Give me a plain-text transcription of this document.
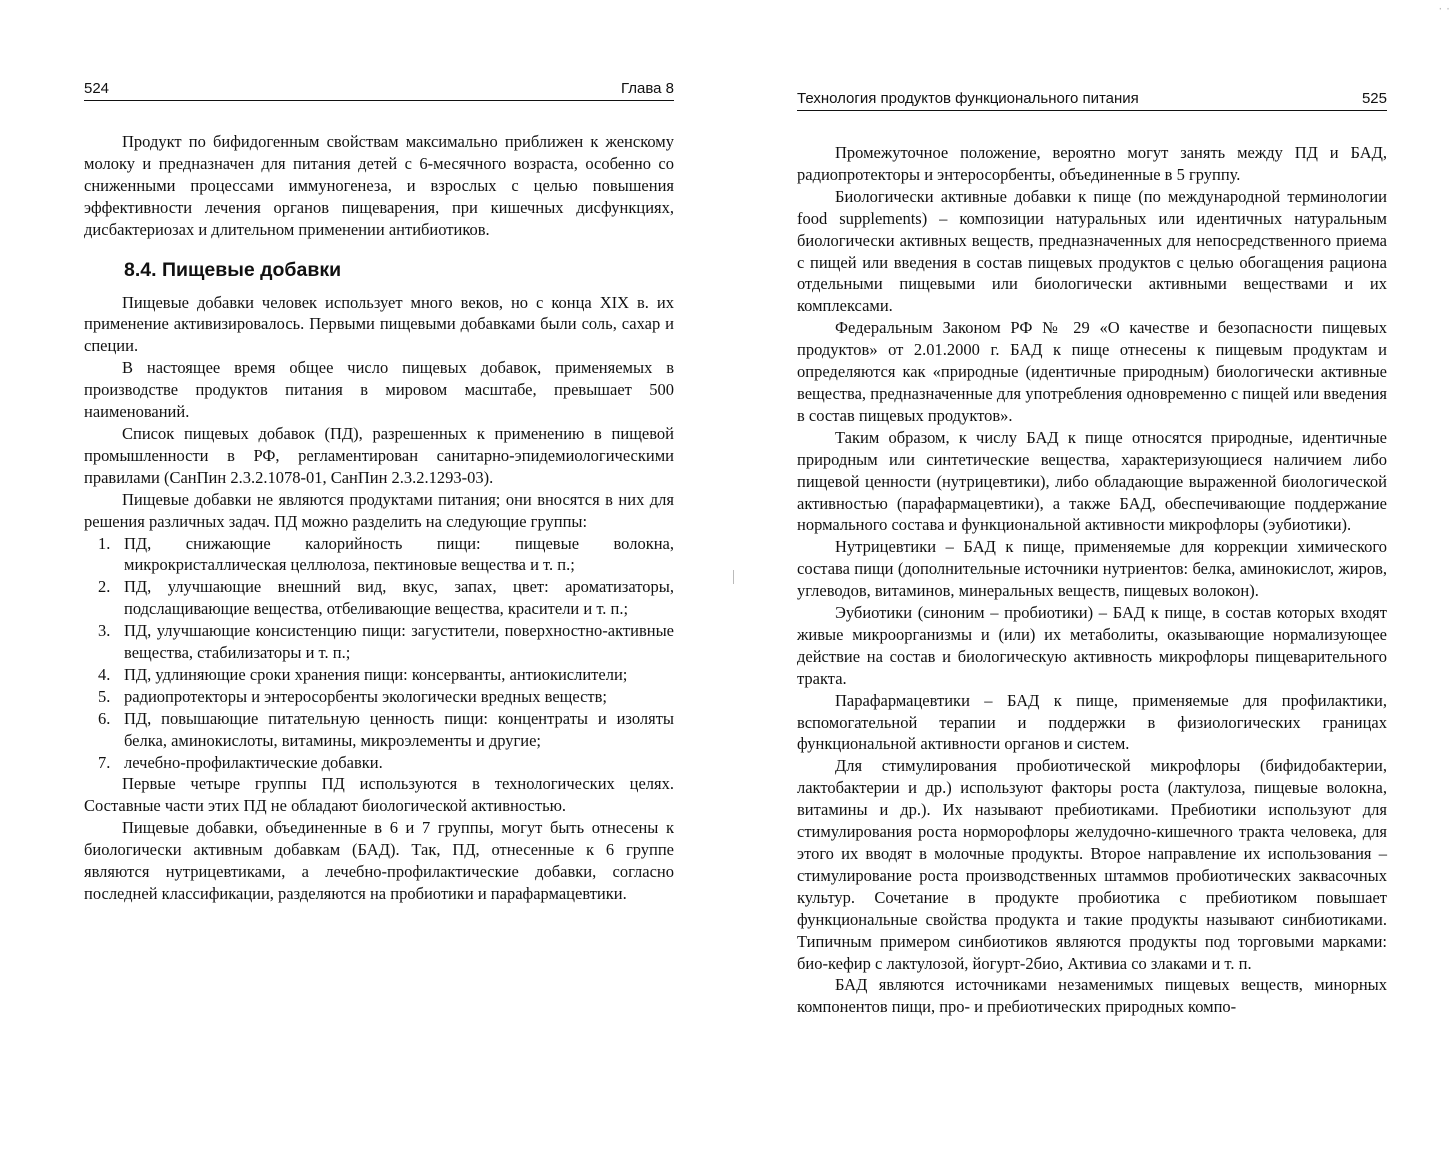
524	Глава 8

Продукт по бифидогенным свойствам максимально приближен к женскому молоку и предназначен для питания детей с 6-месячного возраста, особенно со сниженными процессами иммуногенеза, и взрослых с целью повышения эффективности лечения органов пищеварения, при кишечных дисфункциях, дисбактериозах и длительном применении антибиотиков.

8.4. Пищевые добавки

Пищевые добавки человек использует много веков, но с конца XIX в. их применение активизировалось. Первыми пищевыми добавками были соль, сахар и специи.

В настоящее время общее число пищевых добавок, применяемых в производстве продуктов питания в мировом масштабе, превышает 500 наименований.

Список пищевых добавок (ПД), разрешенных к применению в пищевой промышленности в РФ, регламентирован санитарно-эпидемиологическими правилами (СанПин 2.3.2.1078-01, СанПин 2.3.2.1293-03).

Пищевые добавки не являются продуктами питания; они вносятся в них для решения различных задач. ПД можно разделить на следующие группы:

1. ПД, снижающие калорийность пищи: пищевые волокна, микрокристаллическая целлюлоза, пектиновые вещества и т. п.;
2. ПД, улучшающие внешний вид, вкус, запах, цвет: ароматизаторы, подслащивающие вещества, отбеливающие вещества, красители и т. п.;
3. ПД, улучшающие консистенцию пищи: загустители, поверхностно-активные вещества, стабилизаторы и т. п.;
4. ПД, удлиняющие сроки хранения пищи: консерванты, антиокислители;
5. радиопротекторы и энтеросорбенты экологически вредных веществ;
6. ПД, повышающие питательную ценность пищи: концентраты и изоляты белка, аминокислоты, витамины, микроэлементы и другие;
7. лечебно-профилактические добавки.

Первые четыре группы ПД используются в технологических целях. Составные части этих ПД не обладают биологической активностью.

Пищевые добавки, объединенные в 6 и 7 группы, могут быть отнесены к биологически активным добавкам (БАД). Так, ПД, отнесенные к 6 группе являются нутрицевтиками, а лечебно-профилактические добавки, согласно последней классификации, разделяются на пробиотики и парафармацевтики.

· ·
Технология продуктов функционального питания	525

Промежуточное положение, вероятно могут занять между ПД и БАД, радиопротекторы и энтеросорбенты, объединенные в 5 группу.

Биологически активные добавки к пище (по международной терминологии food supplements) – композиции натуральных или идентичных натуральным биологически активных веществ, предназначенных для непосредственного приема с пищей или введения в состав пищевых продуктов с целью обогащения рациона отдельными пищевыми или биологически активными веществами и их комплексами.

Федеральным Законом РФ № 29 «О качестве и безопасности пищевых продуктов» от 2.01.2000 г. БАД к пище отнесены к пищевым продуктам и определяются как «природные (идентичные природным) биологически активные вещества, предназначенные для употребления одновременно с пищей или введения в состав пищевых продуктов».

Таким образом, к числу БАД к пище относятся природные, идентичные природным или синтетические вещества, характеризующиеся наличием либо пищевой ценности (нутрицевтики), либо обладающие выраженной биологической активностью (парафармацевтики), а также БАД, обеспечивающие поддержание нормального состава и функциональной активности микрофлоры (эубиотики).

Нутрицевтики – БАД к пище, применяемые для коррекции химического состава пищи (дополнительные источники нутриентов: белка, аминокислот, жиров, углеводов, витаминов, минеральных веществ, пищевых волокон).

Эубиотики (синоним – пробиотики) – БАД к пище, в состав которых входят живые микроорганизмы и (или) их метаболиты, оказывающие нормализующее действие на состав и биологическую активность микрофлоры пищеварительного тракта.

Парафармацевтики – БАД к пище, применяемые для профилактики, вспомогательной терапии и поддержки в физиологических границах функциональной активности органов и систем.

Для стимулирования пробиотической микрофлоры (бифидобактерии, лактобактерии и др.) используют факторы роста (лактулоза, пищевые волокна, витамины и др.). Их называют пребиотиками. Пребиотики используют для стимулирования роста норморофлоры желудочно-кишечного тракта человека, для этого их вводят в молочные продукты. Второе направление их использования – стимулирование роста производственных штаммов пробиотических заквасочных культур. Сочетание в продукте пробиотика с пребиотиком повышает функциональные свойства продукта и такие продукты называют синбиотиками. Типичным примером синбиотиков являются продукты под торговыми марками: био-кефир с лактулозой, йогурт-2био, Активиа со злаками и т. п.

БАД являются источниками незаменимых пищевых веществ, минорных компонентов пищи, про- и пребиотических природных компо-
